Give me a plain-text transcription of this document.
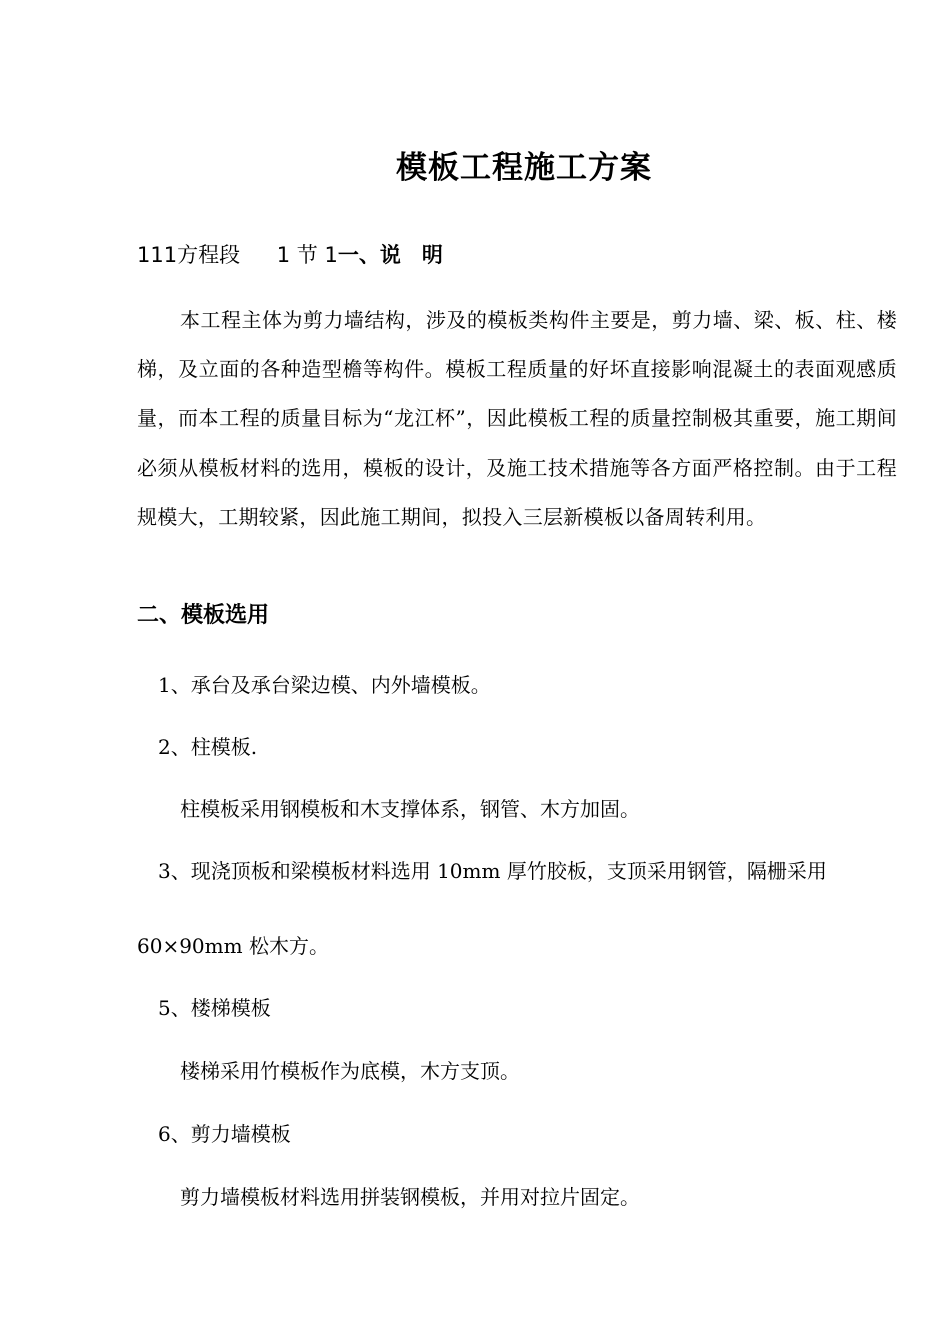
模板工程施工方案
111方程段 1 节 1一、说　明
本工程主体为剪力墙结构，涉及的模板类构件主要是，剪力墙、梁、板、柱、楼梯，及立面的各种造型檐等构件。模板工程质量的好坏直接影响混凝土的表面观感质量，而本工程的质量目标为“龙江杯”，因此模板工程的质量控制极其重要，施工期间必须从模板材料的选用，模板的设计，及施工技术措施等各方面严格控制。由于工程规模大，工期较紧，因此施工期间，拟投入三层新模板以备周转利用。
二、模板选用
1、承台及承台梁边模、内外墙模板。
2、柱模板.
柱模板采用钢模板和木支撑体系，钢管、木方加固。
3、现浇顶板和梁模板材料选用 10mm 厚竹胶板，支顶采用钢管，隔栅采用
60×90mm 松木方。
5、楼梯模板
楼梯采用竹模板作为底模，木方支顶。
6、剪力墙模板
剪力墙模板材料选用拼装钢模板，并用对拉片固定。
